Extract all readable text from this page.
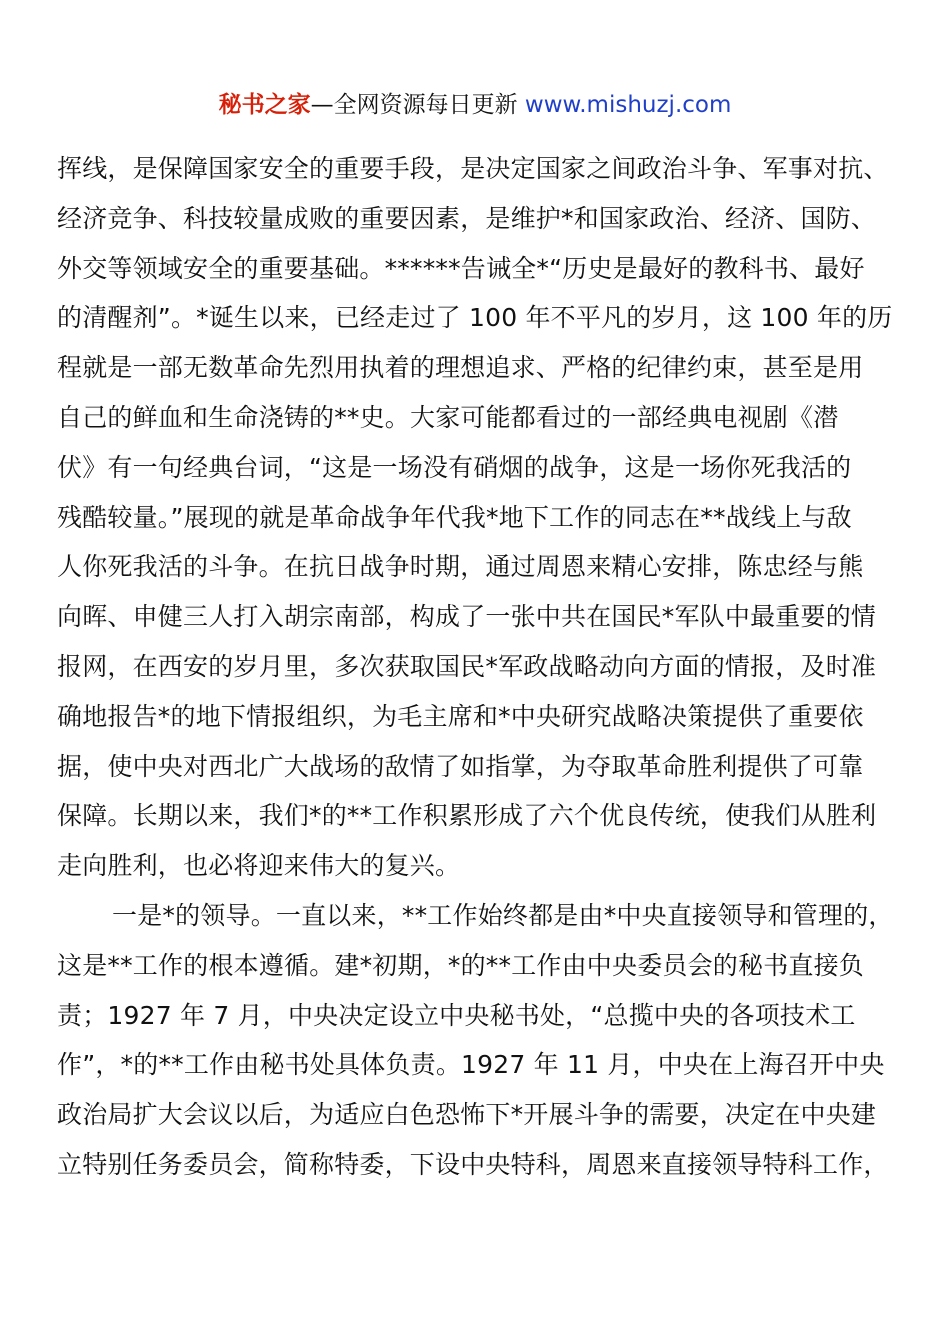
秘书之家—全网资源每日更新 www.mishuzj.com
挥线，是保障国家安全的重要手段，是决定国家之间政治斗争、军事对抗、
经济竞争、科技较量成败的重要因素，是维护*和国家政治、经济、国防、
外交等领域安全的重要基础。******告诫全*“历史是最好的教科书、最好
的清醒剂”。*诞生以来，已经走过了 100 年不平凡的岁月，这 100 年的历
程就是一部无数革命先烈用执着的理想追求、严格的纪律约束，甚至是用
自己的鲜血和生命浇铸的**史。大家可能都看过的一部经典电视剧《潜
伏》有一句经典台词，“这是一场没有硝烟的战争，这是一场你死我活的
残酷较量。”展现的就是革命战争年代我*地下工作的同志在**战线上与敌
人你死我活的斗争。在抗日战争时期，通过周恩来精心安排，陈忠经与熊
向晖、申健三人打入胡宗南部，构成了一张中共在国民*军队中最重要的情
报网，在西安的岁月里，多次获取国民*军政战略动向方面的情报，及时准
确地报告*的地下情报组织，为毛主席和*中央研究战略决策提供了重要依
据，使中央对西北广大战场的敌情了如指掌，为夺取革命胜利提供了可靠
保障。长期以来，我们*的**工作积累形成了六个优良传统，使我们从胜利
走向胜利，也必将迎来伟大的复兴。
一是*的领导。一直以来，**工作始终都是由*中央直接领导和管理的，
这是**工作的根本遵循。建*初期，*的**工作由中央委员会的秘书直接负
责；1927 年 7 月，中央决定设立中央秘书处，“总揽中央的各项技术工
作”，*的**工作由秘书处具体负责。1927 年 11 月，中央在上海召开中央
政治局扩大会议以后，为适应白色恐怖下*开展斗争的需要，决定在中央建
立特别任务委员会，简称特委，下设中央特科，周恩来直接领导特科工作，
